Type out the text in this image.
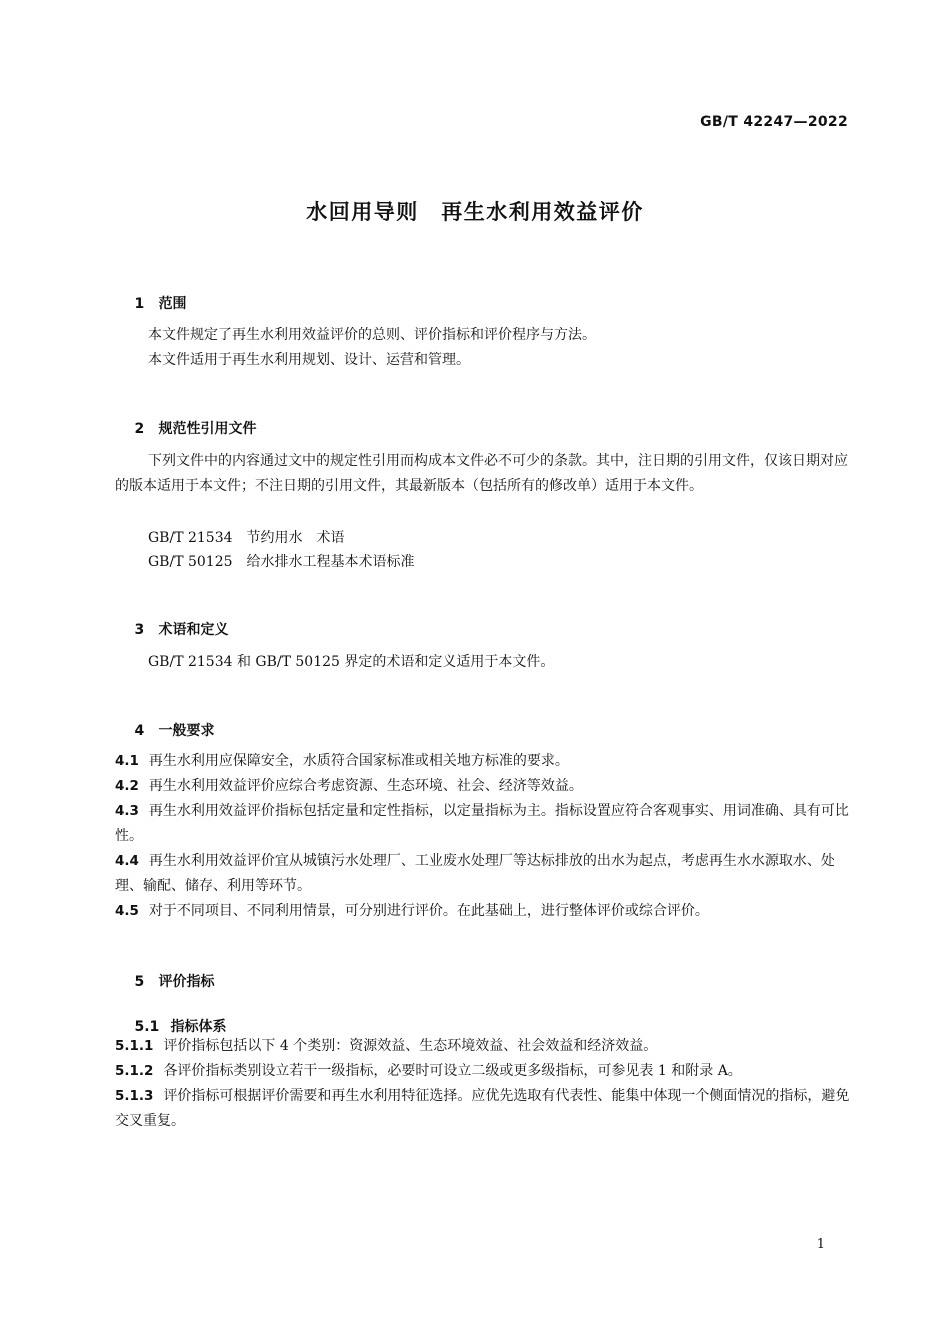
GB/T 42247—2022
水回用导则　再生水利用效益评价

1 范围

本文件规定了再生水利用效益评价的总则、评价指标和评价程序与方法。
本文件适用于再生水利用规划、设计、运营和管理。

2 规范性引用文件

下列文件中的内容通过文中的规定性引用而构成本文件必不可少的条款。其中，注日期的引用文件，仅该日期对应的版本适用于本文件；不注日期的引用文件，其最新版本（包括所有的修改单）适用于本文件。
GB/T 21534　节约用水　术语
GB/T 50125　给水排水工程基本术语标准

3 术语和定义

GB/T 21534 和 GB/T 50125 界定的术语和定义适用于本文件。

4 一般要求

4.1 再生水利用应保障安全，水质符合国家标准或相关地方标准的要求。
4.2 再生水利用效益评价应综合考虑资源、生态环境、社会、经济等效益。
4.3 再生水利用效益评价指标包括定量和定性指标，以定量指标为主。指标设置应符合客观事实、用词准确、具有可比性。
4.4 再生水利用效益评价宜从城镇污水处理厂、工业废水处理厂等达标排放的出水为起点，考虑再生水水源取水、处理、输配、储存、利用等环节。
4.5 对于不同项目、不同利用情景，可分别进行评价。在此基础上，进行整体评价或综合评价。

5 评价指标

5.1 指标体系

5.1.1 评价指标包括以下 4 个类别：资源效益、生态环境效益、社会效益和经济效益。
5.1.2 各评价指标类别设立若干一级指标，必要时可设立二级或更多级指标，可参见表 1 和附录 A。
5.1.3 评价指标可根据评价需要和再生水利用特征选择。应优先选取有代表性、能集中体现一个侧面情况的指标，避免交叉重复。
1
